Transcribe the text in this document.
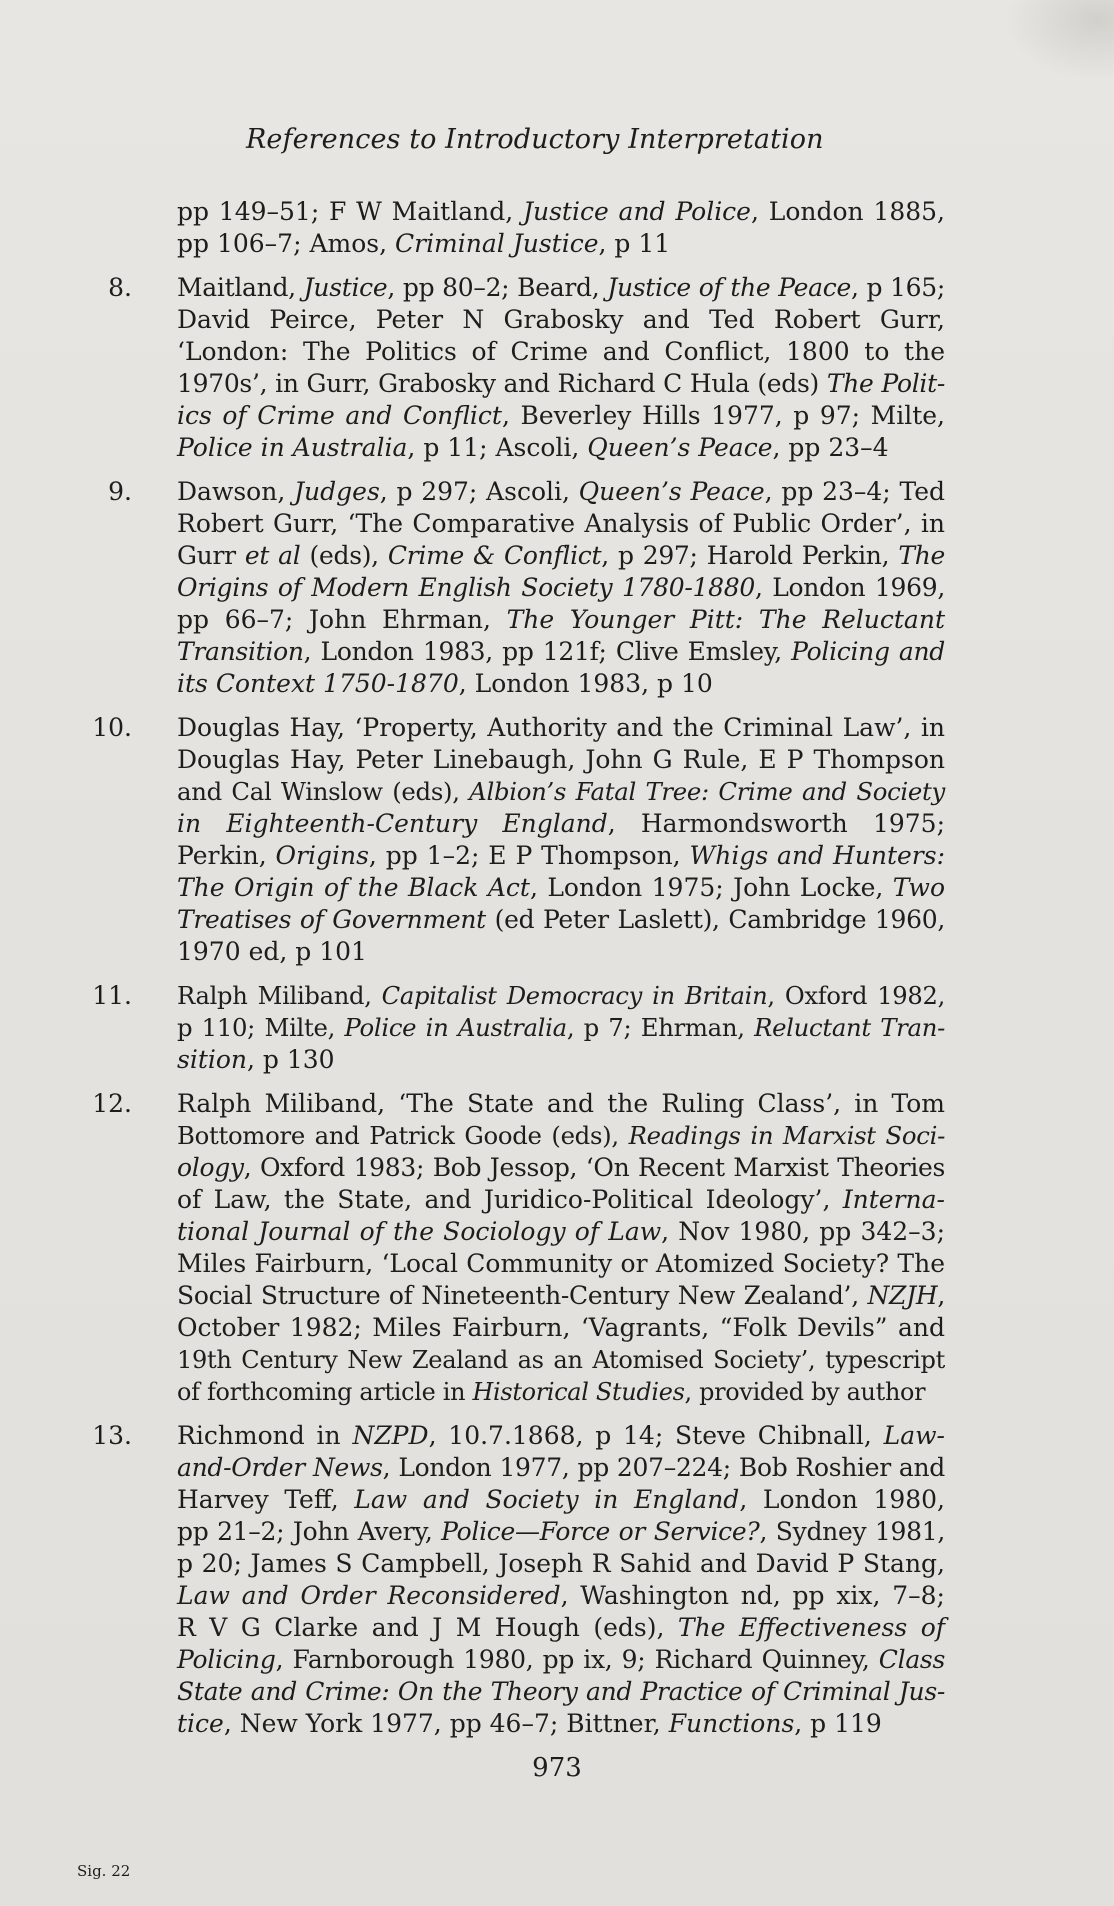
References to Introductory Interpretation
pp 149–51; F W Maitland, Justice and Police, London 1885,
pp 106–7; Amos, Criminal Justice, p 11
8. Maitland, Justice, pp 80–2; Beard, Justice of the Peace, p 165;
David Peirce, Peter N Grabosky and Ted Robert Gurr,
‘London: The Politics of Crime and Conflict, 1800 to the
1970s’, in Gurr, Grabosky and Richard C Hula (eds) The Polit-
ics of Crime and Conflict, Beverley Hills 1977, p 97; Milte,
Police in Australia, p 11; Ascoli, Queen’s Peace, pp 23–4
9. Dawson, Judges, p 297; Ascoli, Queen’s Peace, pp 23–4; Ted
Robert Gurr, ‘The Comparative Analysis of Public Order’, in
Gurr et al (eds), Crime & Conflict, p 297; Harold Perkin, The
Origins of Modern English Society 1780-1880, London 1969,
pp 66–7; John Ehrman, The Younger Pitt: The Reluctant
Transition, London 1983, pp 121f; Clive Emsley, Policing and
its Context 1750-1870, London 1983, p 10
10. Douglas Hay, ‘Property, Authority and the Criminal Law’, in
Douglas Hay, Peter Linebaugh, John G Rule, E P Thompson
and Cal Winslow (eds), Albion’s Fatal Tree: Crime and Society
in Eighteenth-Century England, Harmondsworth 1975;
Perkin, Origins, pp 1–2; E P Thompson, Whigs and Hunters:
The Origin of the Black Act, London 1975; John Locke, Two
Treatises of Government (ed Peter Laslett), Cambridge 1960,
1970 ed, p 101
11. Ralph Miliband, Capitalist Democracy in Britain, Oxford 1982,
p 110; Milte, Police in Australia, p 7; Ehrman, Reluctant Tran-
sition, p 130
12. Ralph Miliband, ‘The State and the Ruling Class’, in Tom
Bottomore and Patrick Goode (eds), Readings in Marxist Soci-
ology, Oxford 1983; Bob Jessop, ‘On Recent Marxist Theories
of Law, the State, and Juridico-Political Ideology’, Interna-
tional Journal of the Sociology of Law, Nov 1980, pp 342–3;
Miles Fairburn, ‘Local Community or Atomized Society? The
Social Structure of Nineteenth-Century New Zealand’, NZJH,
October 1982; Miles Fairburn, ‘Vagrants, “Folk Devils” and
19th Century New Zealand as an Atomised Society’, typescript
of forthcoming article in Historical Studies, provided by author
13. Richmond in NZPD, 10.7.1868, p 14; Steve Chibnall, Law-
and-Order News, London 1977, pp 207–224; Bob Roshier and
Harvey Teff, Law and Society in England, London 1980,
pp 21–2; John Avery, Police—Force or Service?, Sydney 1981,
p 20; James S Campbell, Joseph R Sahid and David P Stang,
Law and Order Reconsidered, Washington nd, pp xix, 7–8;
R V G Clarke and J M Hough (eds), The Effectiveness of
Policing, Farnborough 1980, pp ix, 9; Richard Quinney, Class
State and Crime: On the Theory and Practice of Criminal Jus-
tice, New York 1977, pp 46–7; Bittner, Functions, p 119
973
Sig. 22
